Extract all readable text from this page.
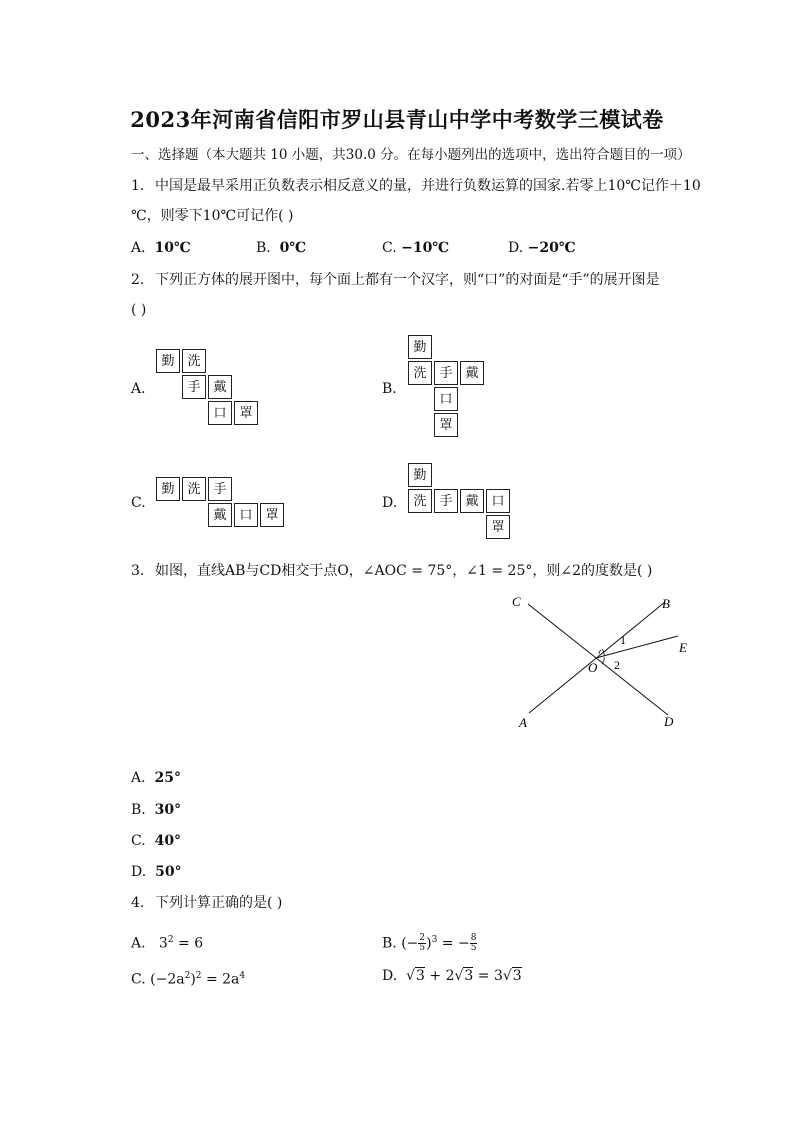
2023年河南省信阳市罗山县青山中学中考数学三模试卷
一、选择题（本大题共 10 小题，共30.0 分。在每小题列出的选项中，选出符合题目的一项）
1. 中国是最早采用正负数表示相反意义的量，并进行负数运算的国家.若零上10℃记作＋10
℃，则零下10℃可记作( )
A. 10℃	B. 0℃	C. −10℃	D. −20℃
2. 下列正方体的展开图中，每个面上都有一个汉字，则“口”的对面是“手”的展开图是
( )
A.
勤 洗
手 戴
口 罩
B.
勤
洗 手 戴
口
罩
C.
勤 洗 手
戴 口 罩
D.
勤
洗 手 戴 口
罩
3. 如图，直线AB与CD相交于点O，∠AOC = 75°，∠1 = 25°，则∠2的度数是( )
C	B
E
O
1
2
A	D
A. 25°
B. 30°
C. 40°
D. 50°
4. 下列计算正确的是( )
A. $3^2 = 6$	B. (− $\frac{2}{5} )^3$ = − $\frac{8}{5}$
C. $(-2a^2)^2 = 2a^4$	D.  √3 + 2√3 = 3√3
